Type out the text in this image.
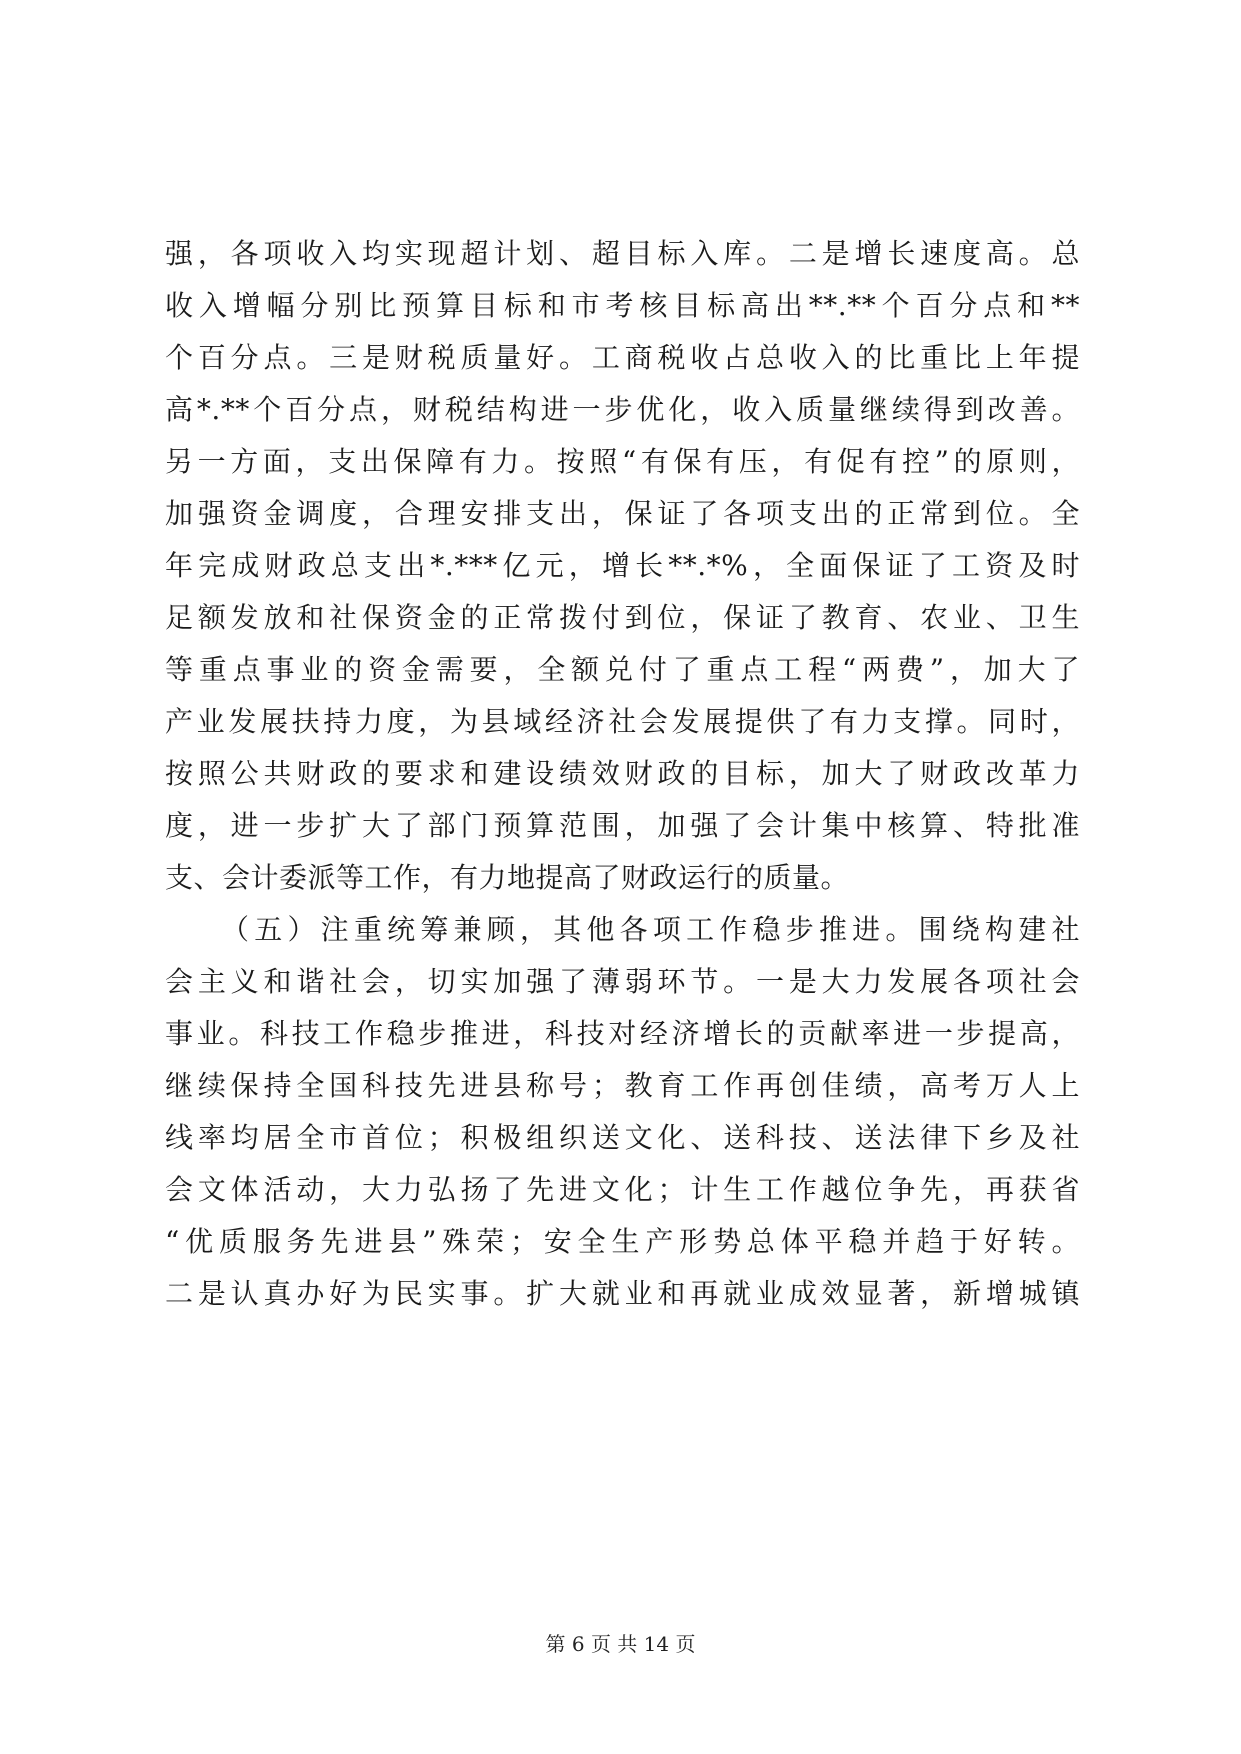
强，各项收入均实现超计划、超目标入库。二是增长速度高。总
收入增幅分别比预算目标和市考核目标高出**.**个百分点和**
个百分点。三是财税质量好。工商税收占总收入的比重比上年提
高*.**个百分点，财税结构进一步优化，收入质量继续得到改善。
另一方面，支出保障有力。按照“有保有压，有促有控”的原则，
加强资金调度，合理安排支出，保证了各项支出的正常到位。全
年完成财政总支出*.***亿元，增长**.*%，全面保证了工资及时
足额发放和社保资金的正常拨付到位，保证了教育、农业、卫生
等重点事业的资金需要，全额兑付了重点工程“两费”，加大了
产业发展扶持力度，为县域经济社会发展提供了有力支撑。同时，
按照公共财政的要求和建设绩效财政的目标，加大了财政改革力
度，进一步扩大了部门预算范围，加强了会计集中核算、特批准
支、会计委派等工作，有力地提高了财政运行的质量。
（五）注重统筹兼顾，其他各项工作稳步推进。围绕构建社
会主义和谐社会，切实加强了薄弱环节。一是大力发展各项社会
事业。科技工作稳步推进，科技对经济增长的贡献率进一步提高，
继续保持全国科技先进县称号；教育工作再创佳绩，高考万人上
线率均居全市首位；积极组织送文化、送科技、送法律下乡及社
会文体活动，大力弘扬了先进文化；计生工作越位争先，再获省
“优质服务先进县”殊荣；安全生产形势总体平稳并趋于好转。
二是认真办好为民实事。扩大就业和再就业成效显著，新增城镇
第 6 页 共 14 页
